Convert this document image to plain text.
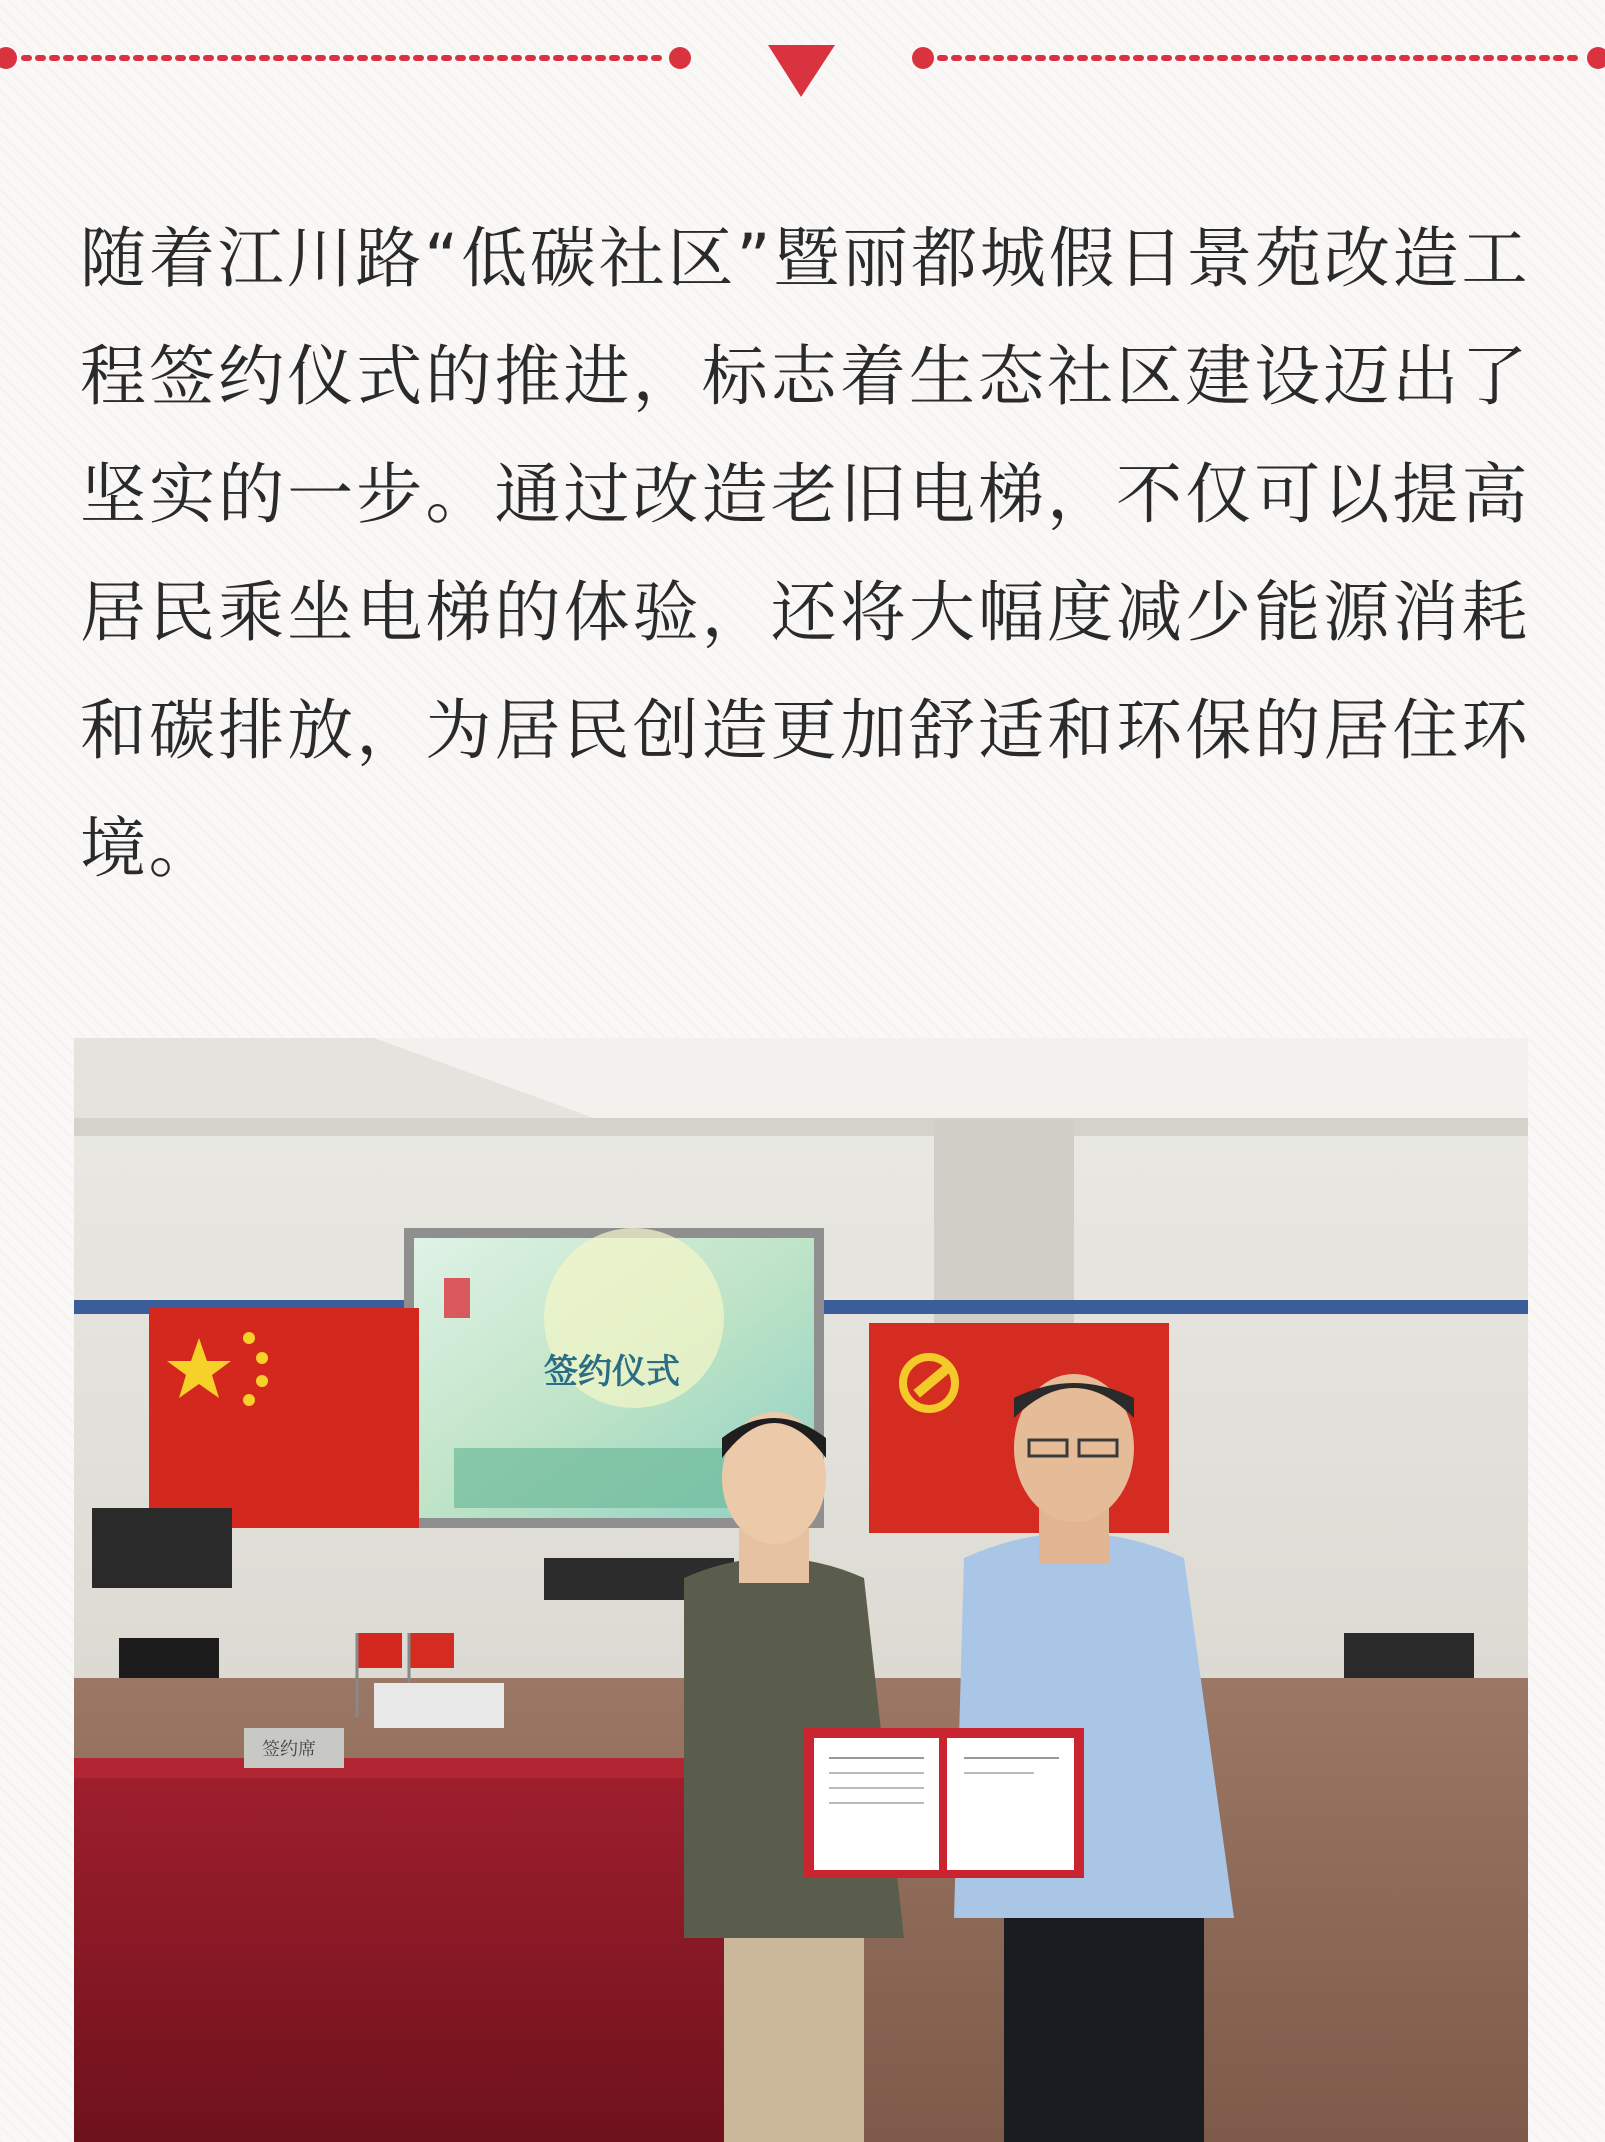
随着江川路“低碳社区”暨丽都城假日景苑改造工程签约仪式的推进，标志着生态社区建设迈出了坚实的一步。通过改造老旧电梯，不仅可以提高居民乘坐电梯的体验，还将大幅度减少能源消耗和碳排放，为居民创造更加舒适和环保的居住环境。

签约仪式
签约席
